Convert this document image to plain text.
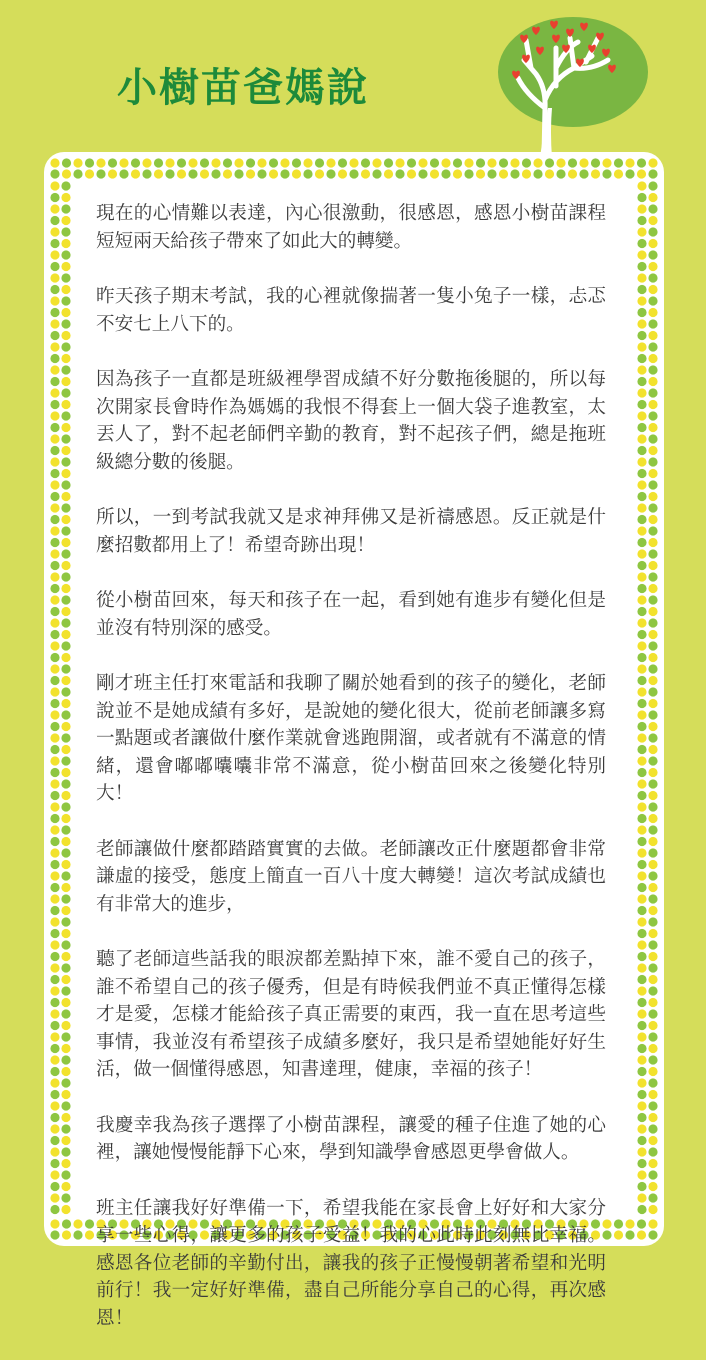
小樹苗爸媽說

現在的心情難以表達，內心很激動，很感恩，感恩小樹苗課程短短兩天給孩子帶來了如此大的轉變。

昨天孩子期末考試，我的心裡就像揣著一隻小兔子一樣，忐忑不安七上八下的。

因為孩子一直都是班級裡學習成績不好分數拖後腿的，所以每次開家長會時作為媽媽的我恨不得套上一個大袋子進教室，太丟人了，對不起老師們辛勤的教育，對不起孩子們，總是拖班級總分數的後腿。

所以，一到考試我就又是求神拜佛又是祈禱感恩。反正就是什麼招數都用上了！希望奇跡出現！

從小樹苗回來，每天和孩子在一起，看到她有進步有變化但是並沒有特別深的感受。

剛才班主任打來電話和我聊了關於她看到的孩子的變化，老師說並不是她成績有多好，是說她的變化很大，從前老師讓多寫一點題或者讓做什麼作業就會逃跑開溜，或者就有不滿意的情緒，還會嘟嘟囔囔非常不滿意，從小樹苗回來之後變化特別大！

老師讓做什麼都踏踏實實的去做。老師讓改正什麼題都會非常謙虛的接受，態度上簡直一百八十度大轉變！這次考試成績也有非常大的進步，

聽了老師這些話我的眼淚都差點掉下來，誰不愛自己的孩子，誰不希望自己的孩子優秀，但是有時候我們並不真正懂得怎樣才是愛，怎樣才能給孩子真正需要的東西，我一直在思考這些事情，我並沒有希望孩子成績多麼好，我只是希望她能好好生活，做一個懂得感恩，知書達理，健康，幸福的孩子！

我慶幸我為孩子選擇了小樹苗課程，讓愛的種子住進了她的心裡，讓她慢慢能靜下心來，學到知識學會感恩更學會做人。

班主任讓我好好準備一下，希望我能在家長會上好好和大家分享一些心得，讓更多的孩子受益！我的心此時此刻無比幸福。感恩各位老師的辛勤付出，讓我的孩子正慢慢朝著希望和光明前行！我一定好好準備，盡自己所能分享自己的心得，再次感恩！
